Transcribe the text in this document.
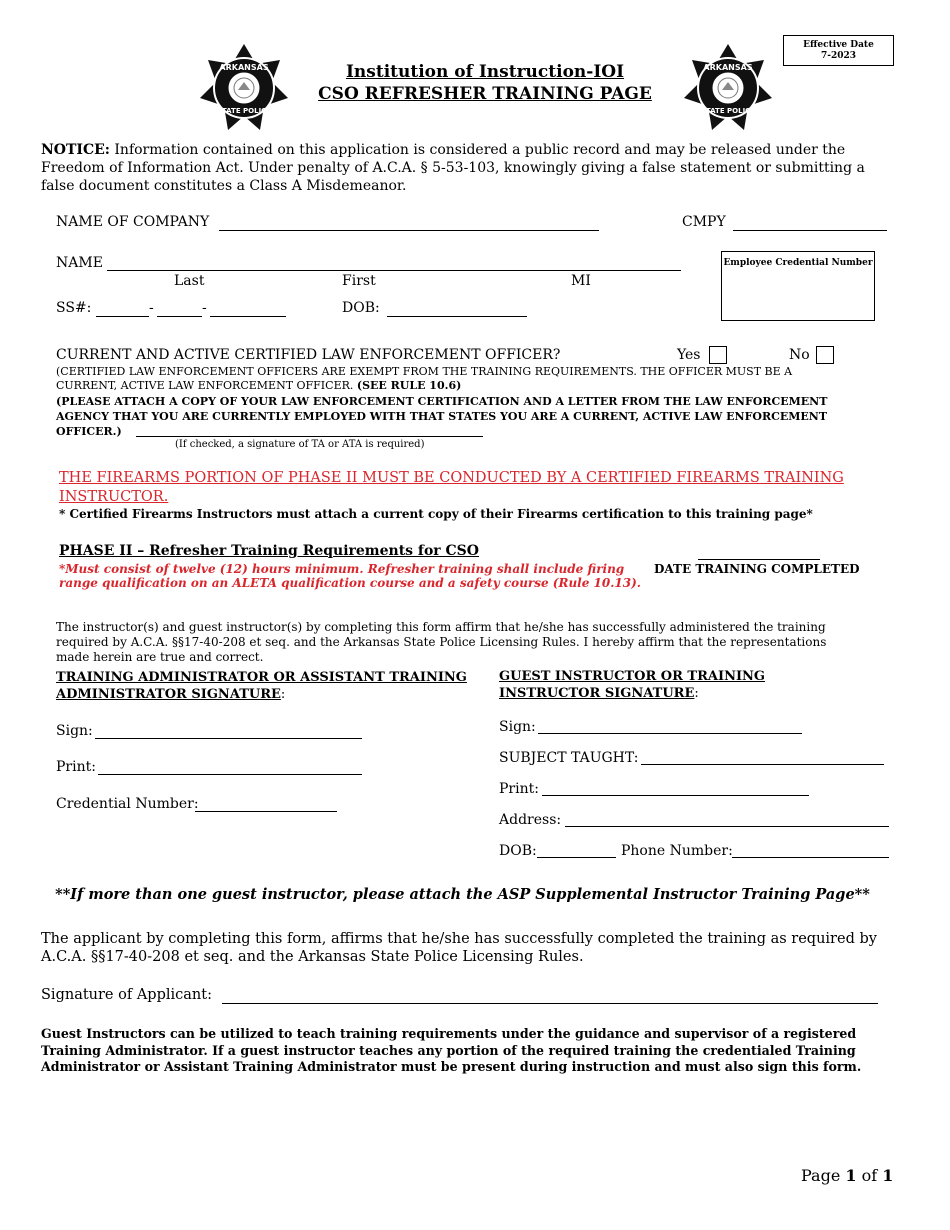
Effective Date
7-2023
ARKANSAS
STATE POLICE
ARKANSAS
STATE POLICE
Institution of Instruction-IOI
CSO REFRESHER TRAINING PAGE
NOTICE: Information contained on this application is considered a public record and may be released under the Freedom of Information Act. Under penalty of A.C.A. § 5-53-103, knowingly giving a false statement or submitting a false document constitutes a Class A Misdemeanor.
NAME OF COMPANY	CMPY
NAME
Last	First	MI
Employee Credential Number
SS#:	-	-	DOB:
CURRENT AND ACTIVE CERTIFIED LAW ENFORCEMENT OFFICER?	Yes	No
(CERTIFIED LAW ENFORCEMENT OFFICERS ARE EXEMPT FROM THE TRAINING REQUIREMENTS. THE OFFICER MUST BE A CURRENT, ACTIVE LAW ENFORCEMENT OFFICER. (SEE RULE 10.6)
(PLEASE ATTACH A COPY OF YOUR LAW ENFORCEMENT CERTIFICATION AND A LETTER FROM THE LAW ENFORCEMENT AGENCY THAT YOU ARE CURRENTLY EMPLOYED WITH THAT STATES YOU ARE A CURRENT, ACTIVE LAW ENFORCEMENT OFFICER.)
(If checked, a signature of TA or ATA is required)
THE FIREARMS PORTION OF PHASE II MUST BE CONDUCTED BY A CERTIFIED FIREARMS TRAINING INSTRUCTOR.
* Certified Firearms Instructors must attach a current copy of their Firearms certification to this training page*
PHASE II – Refresher Training Requirements for CSO
*Must consist of twelve (12) hours minimum. Refresher training shall include firing range qualification on an ALETA qualification course and a safety course (Rule 10.13).
DATE TRAINING COMPLETED
The instructor(s) and guest instructor(s) by completing this form affirm that he/she has successfully administered the training required by A.C.A. §§17-40-208 et seq. and the Arkansas State Police Licensing Rules. I hereby affirm that the representations made herein are true and correct.
TRAINING ADMINISTRATOR OR ASSISTANT TRAINING
ADMINISTRATOR SIGNATURE:
Sign:
Print:
Credential Number:
GUEST INSTRUCTOR OR TRAINING
INSTRUCTOR SIGNATURE:
Sign:
SUBJECT TAUGHT:
Print:
Address:
DOB:	Phone Number:
**If more than one guest instructor, please attach the ASP Supplemental Instructor Training Page**
The applicant by completing this form, affirms that he/she has successfully completed the training as required by A.C.A. §§17-40-208 et seq. and the Arkansas State Police Licensing Rules.
Signature of Applicant:
Guest Instructors can be utilized to teach training requirements under the guidance and supervisor of a registered Training Administrator. If a guest instructor teaches any portion of the required training the credentialed Training Administrator or Assistant Training Administrator must be present during instruction and must also sign this form.
Page 1 of 1
